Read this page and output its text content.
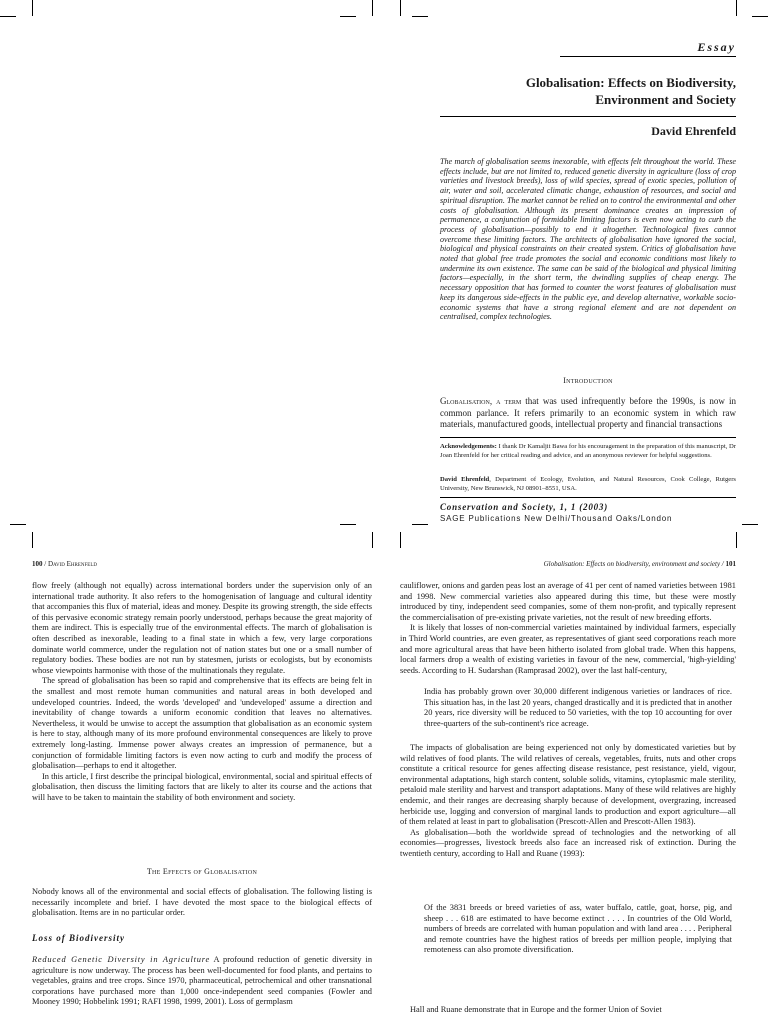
Essay
Globalisation: Effects on Biodiversity,
Environment and Society
David Ehrenfeld
The march of globalisation seems inexorable, with effects felt throughout the world. These effects include, but are not limited to, reduced genetic diversity in agriculture (loss of crop varieties and livestock breeds), loss of wild species, spread of exotic species, pollution of air, water and soil, accelerated climatic change, exhaustion of resources, and social and spiritual disruption. The market cannot be relied on to control the environmental and other costs of globalisation. Although its present dominance creates an impression of permanence, a conjunction of formidable limiting factors is even now acting to curb the process of globalisation—possibly to end it altogether. Technological fixes cannot overcome these limiting factors. The architects of globalisation have ignored the social, biological and physical constraints on their created system. Critics of globalisation have noted that global free trade promotes the social and economic conditions most likely to undermine its own existence. The same can be said of the biological and physical limiting factors—especially, in the short term, the dwindling supplies of cheap energy. The necessary opposition that has formed to counter the worst features of globalisation must keep its dangerous side-effects in the public eye, and develop alternative, workable socio-economic systems that have a strong regional element and are not dependent on centralised, complex technologies.
Introduction
Globalisation, a term that was used infrequently before the 1990s, is now in common parlance. It refers primarily to an economic system in which raw materials, manufactured goods, intellectual property and financial transactions
Acknowledgements: I thank Dr Kamaljit Bawa for his encouragement in the preparation of this manuscript, Dr Joan Ehrenfeld for her critical reading and advice, and an anonymous reviewer for helpful suggestions.
David Ehrenfeld, Department of Ecology, Evolution, and Natural Resources, Cook College, Rutgers University, New Brunswick, NJ 08901–8551, USA.
Conservation and Society, 1, 1 (2003)
SAGE Publications New Delhi/Thousand Oaks/London
100 / David Ehrenfeld

flow freely (although not equally) across international borders under the supervision only of an international trade authority. It also refers to the homogenisation of language and cultural identity that accompanies this flux of material, ideas and money. Despite its growing strength, the side effects of this pervasive economic strategy remain poorly understood, perhaps because the great majority of them are indirect. This is especially true of the environmental effects. The march of globalisation is often described as inexorable, leading to a final state in which a few, very large corporations dominate world commerce, under the regulation not of nation states but one or a small number of regulatory bodies. These bodies are not run by statesmen, jurists or ecologists, but by economists whose viewpoints harmonise with those of the multinationals they regulate.

The spread of globalisation has been so rapid and comprehensive that its effects are being felt in the smallest and most remote human communities and natural areas in both developed and undeveloped countries. Indeed, the words 'developed' and 'undeveloped' assume a direction and inevitability of change towards a uniform economic condition that leaves no alternatives. Nevertheless, it would be unwise to accept the assumption that globalisation as an economic system is here to stay, although many of its more profound environmental consequences are likely to prove extremely long-lasting. Immense power always creates an impression of permanence, but a conjunction of formidable limiting factors is even now acting to curb and modify the process of globalisation—perhaps to end it altogether.

In this article, I first describe the principal biological, environmental, social and spiritual effects of globalisation, then discuss the limiting factors that are likely to alter its course and the actions that will have to be taken to maintain the stability of both environment and society.

The Effects of Globalisation

Nobody knows all of the environmental and social effects of globalisation. The following listing is necessarily incomplete and brief. I have devoted the most space to the biological effects of globalisation. Items are in no particular order.

Loss of Biodiversity

Reduced Genetic Diversity in Agriculture A profound reduction of genetic diversity in agriculture is now underway. The process has been well-documented for food plants, and pertains to vegetables, grains and tree crops. Since 1970, pharmaceutical, petrochemical and other transnational corporations have purchased more than 1,000 once-independent seed companies (Fowler and Mooney 1990; Hobbelink 1991; RAFI 1998, 1999, 2001). Loss of germplasm

Globalisation: Effects on biodiversity, environment and society / 101

cauliflower, onions and garden peas lost an average of 41 per cent of named varieties between 1981 and 1998. New commercial varieties also appeared during this time, but these were mostly introduced by tiny, independent seed companies, some of them non-profit, and typically represent the commercialisation of pre-existing private varieties, not the result of new breeding efforts.

It is likely that losses of non-commercial varieties maintained by individual farmers, especially in Third World countries, are even greater, as representatives of giant seed corporations reach more and more agricultural areas that have been hitherto isolated from global trade. When this happens, local farmers drop a wealth of existing varieties in favour of the new, commercial, 'high-yielding' seeds. According to H. Sudarshan (Ramprasad 2002), over the last half-century,

India has probably grown over 30,000 different indigenous varieties or landraces of rice. This situation has, in the last 20 years, changed drastically and it is predicted that in another 20 years, rice diversity will be reduced to 50 varieties, with the top 10 accounting for over three-quarters of the sub-continent's rice acreage.

The impacts of globalisation are being experienced not only by domesticated varieties but by wild relatives of food plants. The wild relatives of cereals, vegetables, fruits, nuts and other crops constitute a critical resource for genes affecting disease resistance, pest resistance, yield, vigour, environmental adaptations, high starch content, soluble solids, vitamins, cytoplasmic male sterility, petaloid male sterility and harvest and transport adaptations. Many of these wild relatives are highly endemic, and their ranges are decreasing sharply because of development, overgrazing, increased herbicide use, logging and conversion of marginal lands to production and export agriculture—all of them related at least in part to globalisation (Prescott-Allen and Prescott-Allen 1983).

As globalisation—both the worldwide spread of technologies and the networking of all economies—progresses, livestock breeds also face an increased risk of extinction. During the twentieth century, according to Hall and Ruane (1993):

Of the 3831 breeds or breed varieties of ass, water buffalo, cattle, goat, horse, pig, and sheep . . . 618 are estimated to have become extinct . . . . In countries of the Old World, numbers of breeds are correlated with human population and with land area . . . . Peripheral and remote countries have the highest ratios of breeds per million people, implying that remoteness can also promote diversification.

Hall and Ruane demonstrate that in Europe and the former Union of Soviet
